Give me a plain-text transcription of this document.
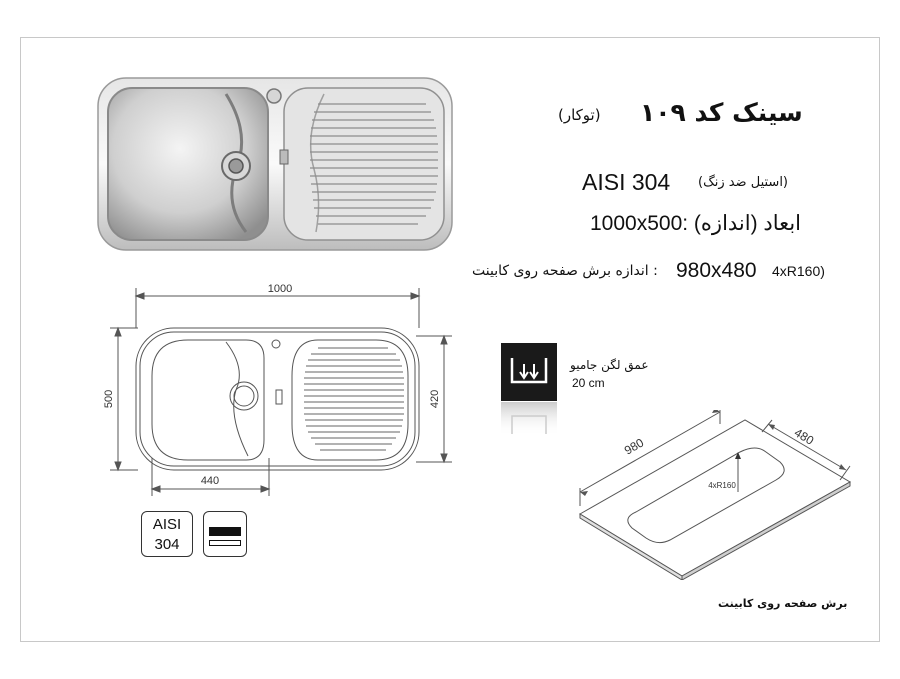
سینک کد ۱۰۹
(توکار)
AISI 304 (استیل ضد زنگ)
ابعاد (اندازه) :1000x500
(4xR160
980x480
: اندازه برش صفحه روی کابینت
1000
500	420
440
AISI
304
عمق لگن جامیو
20 cm
980	480
4xR160
برش صفحه روی کابینت
